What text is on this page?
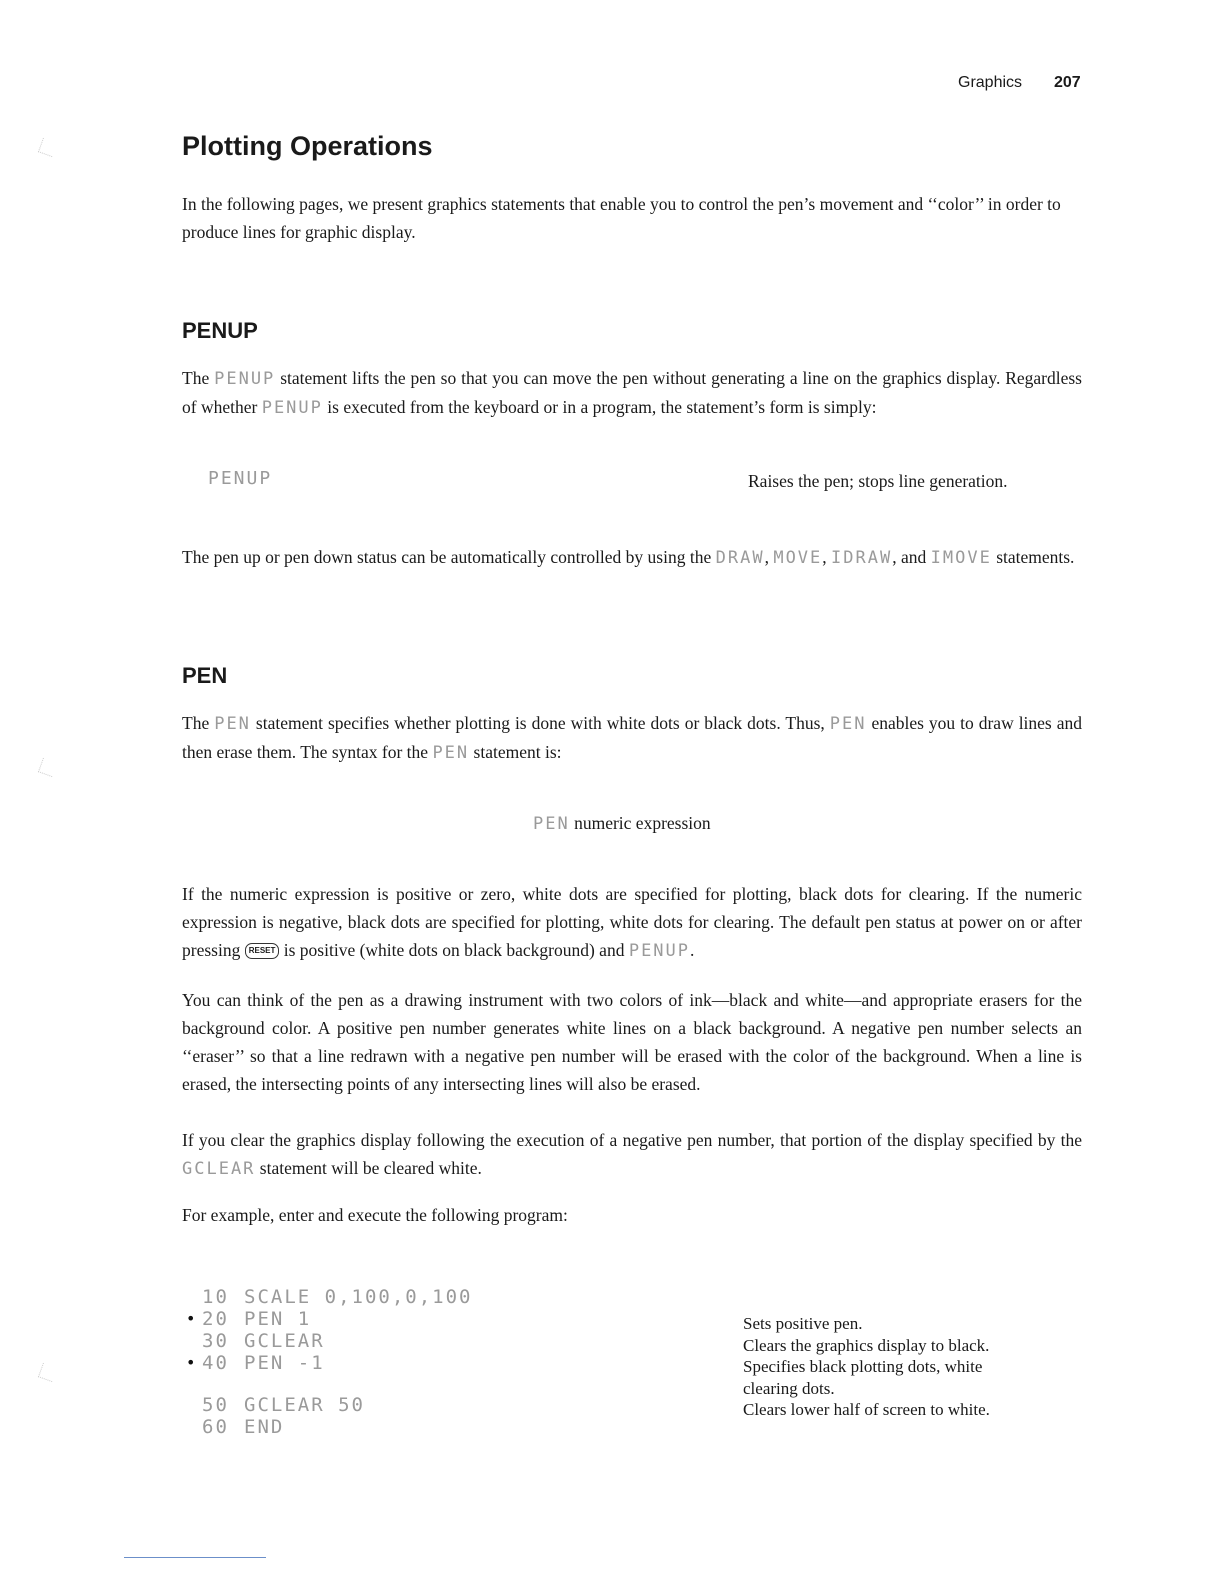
Graphics 207
Plotting Operations
In the following pages, we present graphics statements that enable you to control the pen’s movement and ‘‘color’’ in order to produce lines for graphic display.
PENUP
The PENUP statement lifts the pen so that you can move the pen without generating a line on the graphics display. Regardless of whether PENUP is executed from the keyboard or in a program, the statement’s form is simply:
PENUP	Raises the pen; stops line generation.
The pen up or pen down status can be automatically controlled by using the DRAW, MOVE, IDRAW, and IMOVE statements.
PEN
The PEN statement specifies whether plotting is done with white dots or black dots. Thus, PEN enables you to draw lines and then erase them. The syntax for the PEN statement is:
PEN numeric expression
If the numeric expression is positive or zero, white dots are specified for plotting, black dots for clearing. If the numeric expression is negative, black dots are specified for plotting, white dots for clearing. The default pen status at power on or after pressing RESET is positive (white dots on black background) and PENUP.
You can think of the pen as a drawing instrument with two colors of ink—black and white—and appropriate erasers for the background color. A positive pen number generates white lines on a black background. A negative pen number selects an ‘‘eraser’’ so that a line redrawn with a negative pen number will be erased with the color of the background. When a line is erased, the intersecting points of any intersecting lines will also be erased.
If you clear the graphics display following the execution of a negative pen number, that portion of the display specified by the GCLEAR statement will be cleared white.
For example, enter and execute the following program:
10 SCALE 0,100,0,100
• 20 PEN 1
30 GCLEAR
• 40 PEN -1
50 GCLEAR 50
60 END
Sets positive pen.
Clears the graphics display to black.
Specifies black plotting dots, white
clearing dots.
Clears lower half of screen to white.
